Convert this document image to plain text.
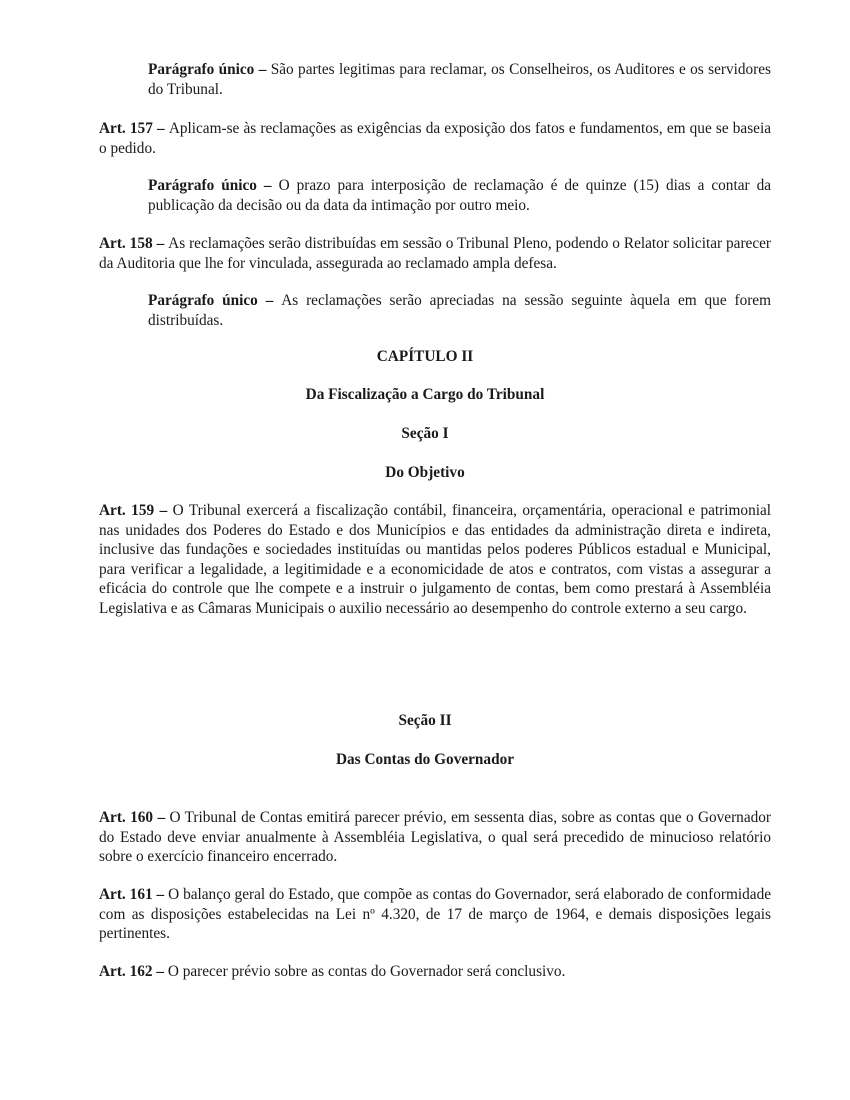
Parágrafo único – São partes legitimas para reclamar, os Conselheiros, os Auditores e os servidores do Tribunal.
Art. 157 – Aplicam-se às reclamações as exigências da exposição dos fatos e fundamentos, em que se baseia o pedido.
Parágrafo único – O prazo para interposição de reclamação é de quinze (15) dias a contar da publicação da decisão ou da data da intimação por outro meio.
Art. 158 – As reclamações serão distribuídas em sessão o Tribunal Pleno, podendo o Relator solicitar parecer da Auditoria que lhe for vinculada, assegurada ao reclamado ampla defesa.
Parágrafo único – As reclamações serão apreciadas na sessão seguinte àquela em que forem distribuídas.
CAPÍTULO II
Da Fiscalização a Cargo do Tribunal
Seção I
Do Objetivo
Art. 159 – O Tribunal exercerá a fiscalização contábil, financeira, orçamentária, operacional e patrimonial nas unidades dos Poderes do Estado e dos Municípios e das entidades da administração direta e indireta, inclusive das fundações e sociedades instituídas ou mantidas pelos poderes Públicos estadual e Municipal, para verificar a legalidade, a legitimidade e a economicidade de atos e contratos, com vistas a assegurar a eficácia do controle que lhe compete e a instruir o julgamento de contas, bem como prestará à Assembléia Legislativa e as Câmaras Municipais o auxilio necessário ao desempenho do controle externo a seu cargo.
Seção II
Das Contas do Governador
Art. 160 – O Tribunal de Contas emitirá parecer prévio, em sessenta dias, sobre as contas que o Governador do Estado deve enviar anualmente à Assembléia Legislativa, o qual será precedido de minucioso relatório sobre o exercício financeiro encerrado.
Art. 161 – O balanço geral do Estado, que compõe as contas do Governador, será elaborado de conformidade com as disposições estabelecidas na Lei nº 4.320, de 17 de março de 1964, e demais disposições legais pertinentes.
Art. 162 – O parecer prévio sobre as contas do Governador será conclusivo.
